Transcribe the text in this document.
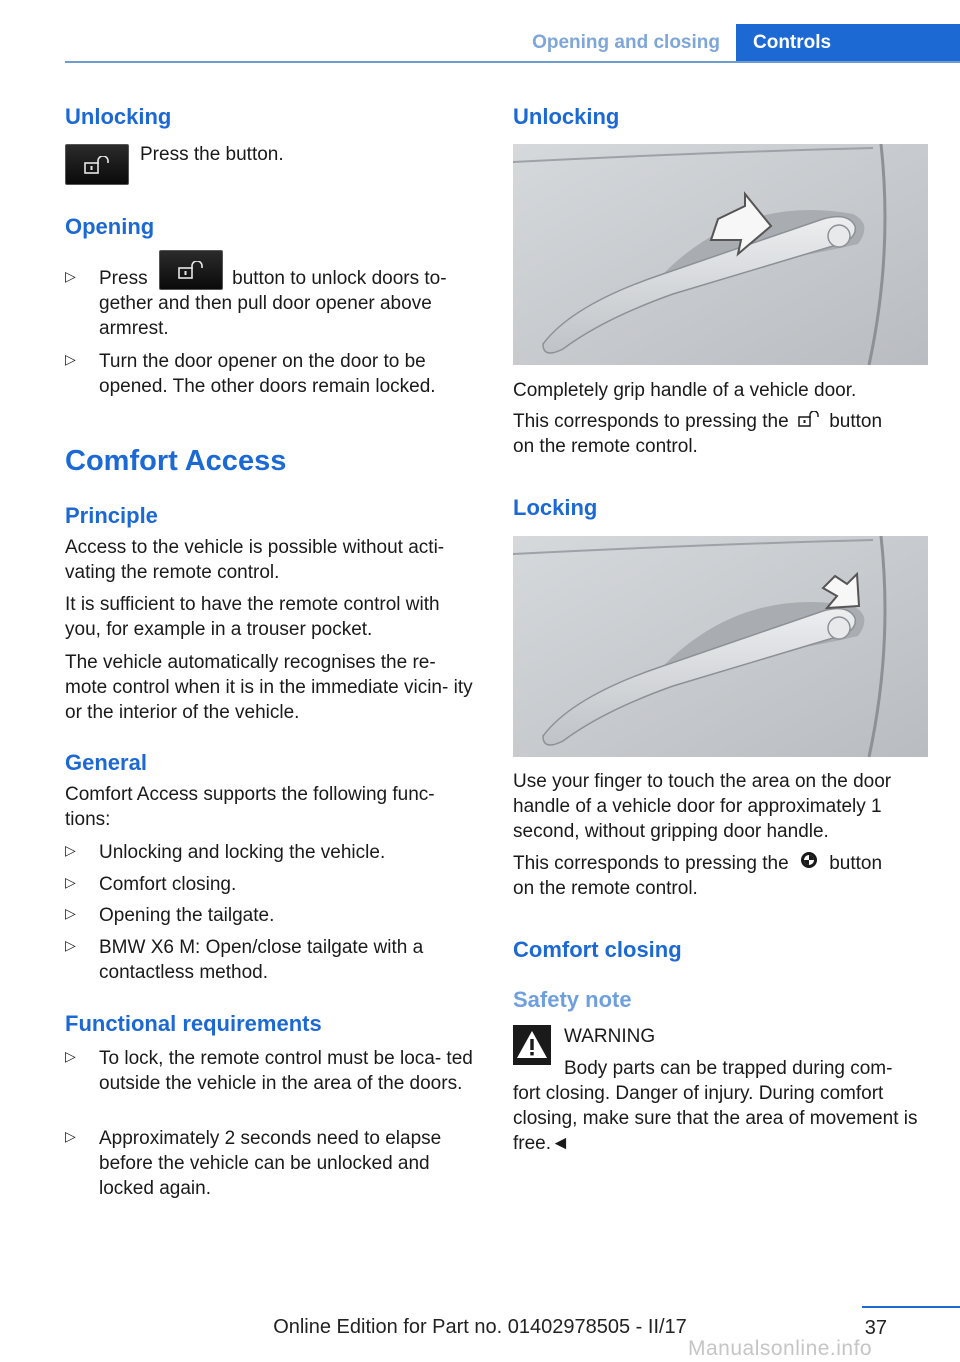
Opening and closing	Controls
Unlocking
Press the button.
Opening
▷ Press	button to unlock doors to-
gether and then pull door opener above armrest.
▷ Turn the door opener on the door to be opened. The other doors remain locked.
Comfort Access
Principle
Access to the vehicle is possible without acti‐ vating the remote control.
It is sufficient to have the remote control with you, for example in a trouser pocket.
The vehicle automatically recognises the re‐ mote control when it is in the immediate vicin‐ ity or the interior of the vehicle.
General
Comfort Access supports the following func‐ tions:
▷ Unlocking and locking the vehicle.
▷ Comfort closing.
▷ Opening the tailgate.
▷ BMW X6 M: Open/close tailgate with a contactless method.
Functional requirements
▷ To lock, the remote control must be loca‐ ted outside the vehicle in the area of the doors.
▷ Approximately 2 seconds need to elapse before the vehicle can be unlocked and locked again.
Unlocking
Completely grip handle of a vehicle door.
This corresponds to pressing the button
on the remote control.
Locking
Use your finger to touch the area on the door handle of a vehicle door for approximately 1 second, without gripping door handle.
This corresponds to pressing the button
on the remote control.
Comfort closing
Safety note
WARNING
Body parts can be trapped during com‐
fort closing. Danger of injury. During comfort closing, make sure that the area of movement is free.◄
Online Edition for Part no. 01402978505 - II/17	37
Manualsonline.info
